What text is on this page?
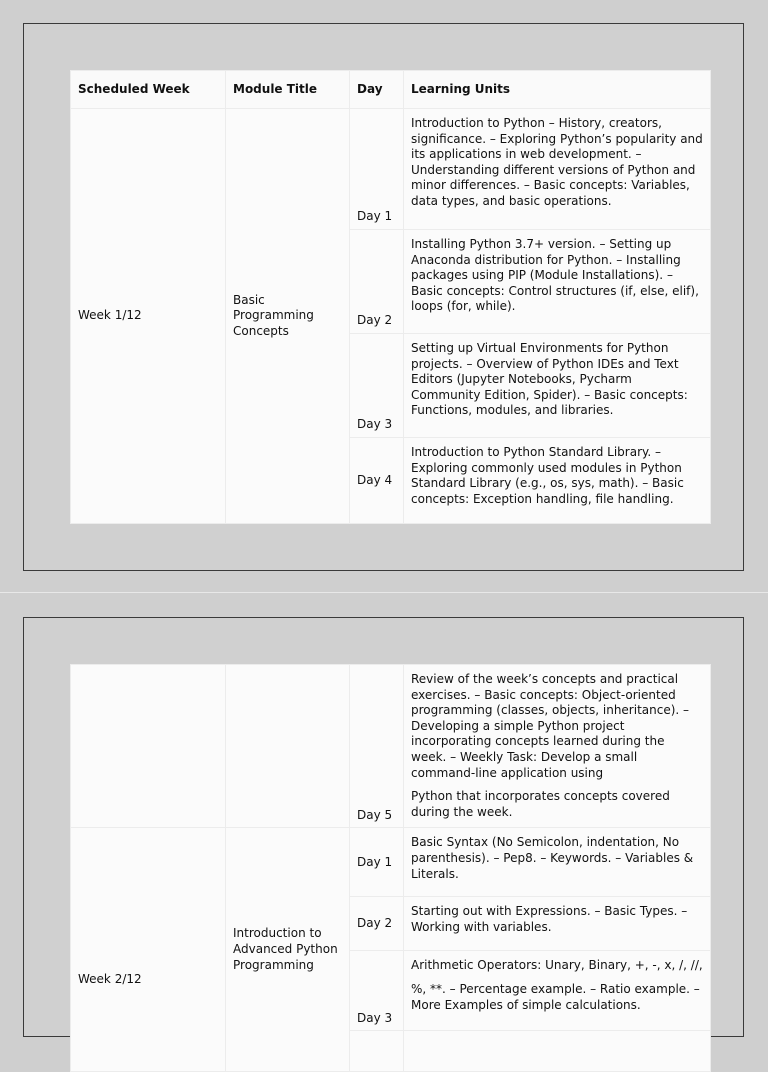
Scheduled Week	Module Title	Day	Learning Units
Week 1/12	Basic Programming Concepts	Day 1	Introduction to Python – History, creators, significance. – Exploring Python’s popularity and its applications in web development. – Understanding different versions of Python and minor differences. – Basic concepts: Variables, data types, and basic operations.

		Day 2	Installing Python 3.7+ version. – Setting up Anaconda distribution for Python. – Installing packages using PIP (Module Installations). – Basic concepts: Control structures (if, else, elif), loops (for, while).

		Day 3	Setting up Virtual Environments for Python projects. – Overview of Python IDEs and Text Editors (Jupyter Notebooks, Pycharm Community Edition, Spider). – Basic concepts: Functions, modules, and libraries.

		Day 4	Introduction to Python Standard Library. – Exploring commonly used modules in Python Standard Library (e.g., os, sys, math). – Basic concepts: Exception handling, file handling.

		Day 5	Review of the week’s concepts and practical exercises. – Basic concepts: Object-oriented programming (classes, objects, inheritance). – Developing a simple Python project incorporating concepts learned during the week. – Weekly Task: Develop a small command-line application using

Python that incorporates concepts covered during the week.

Week 2/12	Introduction to Advanced Python Programming	Day 1	Basic Syntax (No Semicolon, indentation, No parenthesis). – Pep8. – Keywords. – Variables & Literals.

		Day 2	Starting out with Expressions. – Basic Types. – Working with variables.

		Day 3	Arithmetic Operators: Unary, Binary, +, -, x, /, //,

%, **. – Percentage example. – Ratio example. – More Examples of simple calculations.
